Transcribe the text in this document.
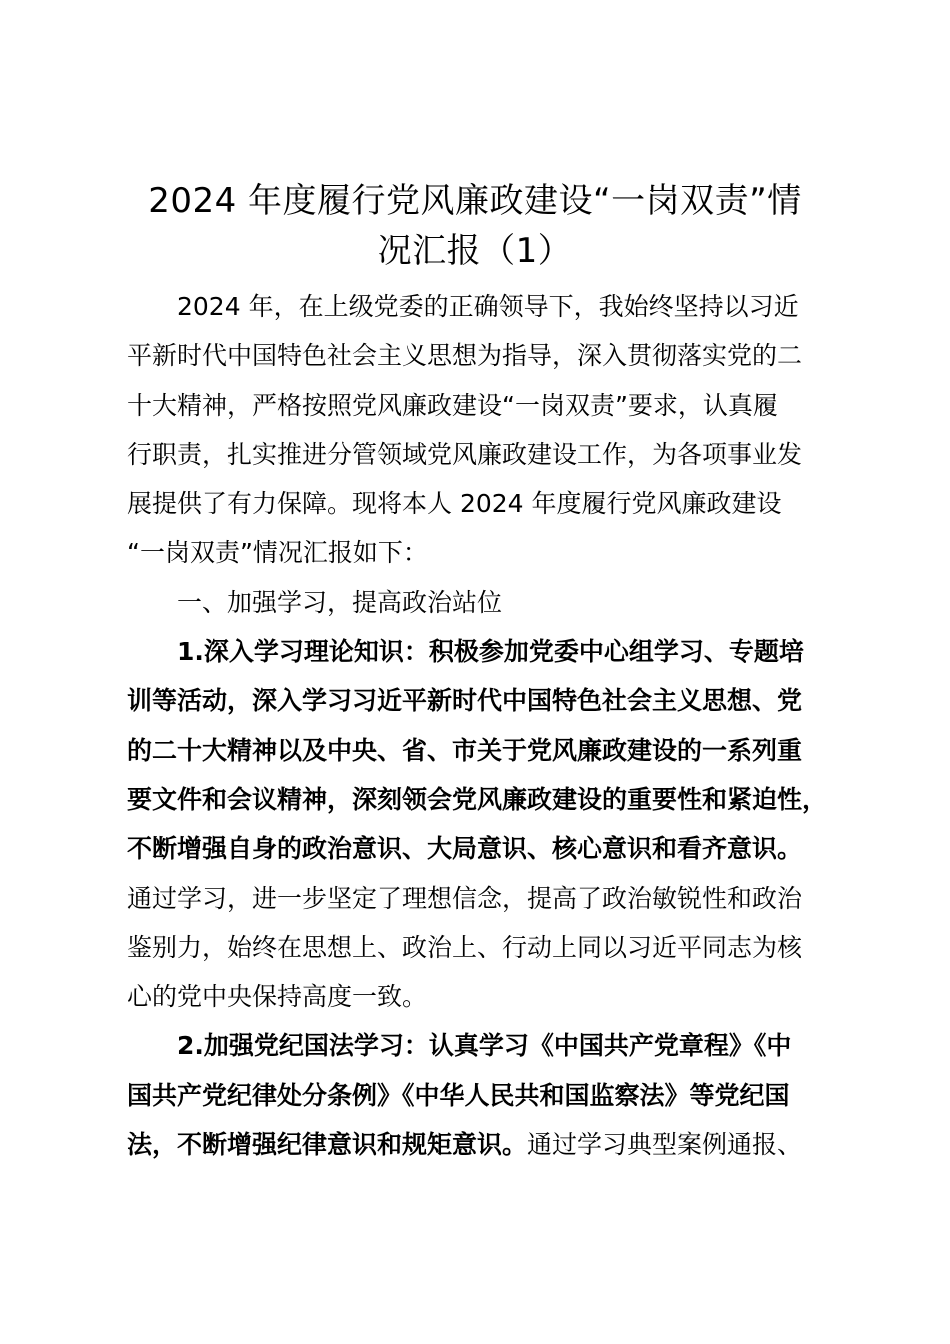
2024 年度履行党风廉政建设“一岗双责”情
况汇报（1）
2024 年，在上级党委的正确领导下，我始终坚持以习近
平新时代中国特色社会主义思想为指导，深入贯彻落实党的二
十大精神，严格按照党风廉政建设“一岗双责”要求，认真履
行职责，扎实推进分管领域党风廉政建设工作，为各项事业发
展提供了有力保障。现将本人 2024 年度履行党风廉政建设
“一岗双责”情况汇报如下：
一、加强学习，提高政治站位
1.深入学习理论知识：积极参加党委中心组学习、专题培
训等活动，深入学习习近平新时代中国特色社会主义思想、党
的二十大精神以及中央、省、市关于党风廉政建设的一系列重
要文件和会议精神，深刻领会党风廉政建设的重要性和紧迫性，
不断增强自身的政治意识、大局意识、核心意识和看齐意识。
通过学习，进一步坚定了理想信念，提高了政治敏锐性和政治
鉴别力，始终在思想上、政治上、行动上同以习近平同志为核
心的党中央保持高度一致。
2.加强党纪国法学习：认真学习《中国共产党章程》《中
国共产党纪律处分条例》《中华人民共和国监察法》等党纪国
法，不断增强纪律意识和规矩意识。通过学习典型案例通报、
